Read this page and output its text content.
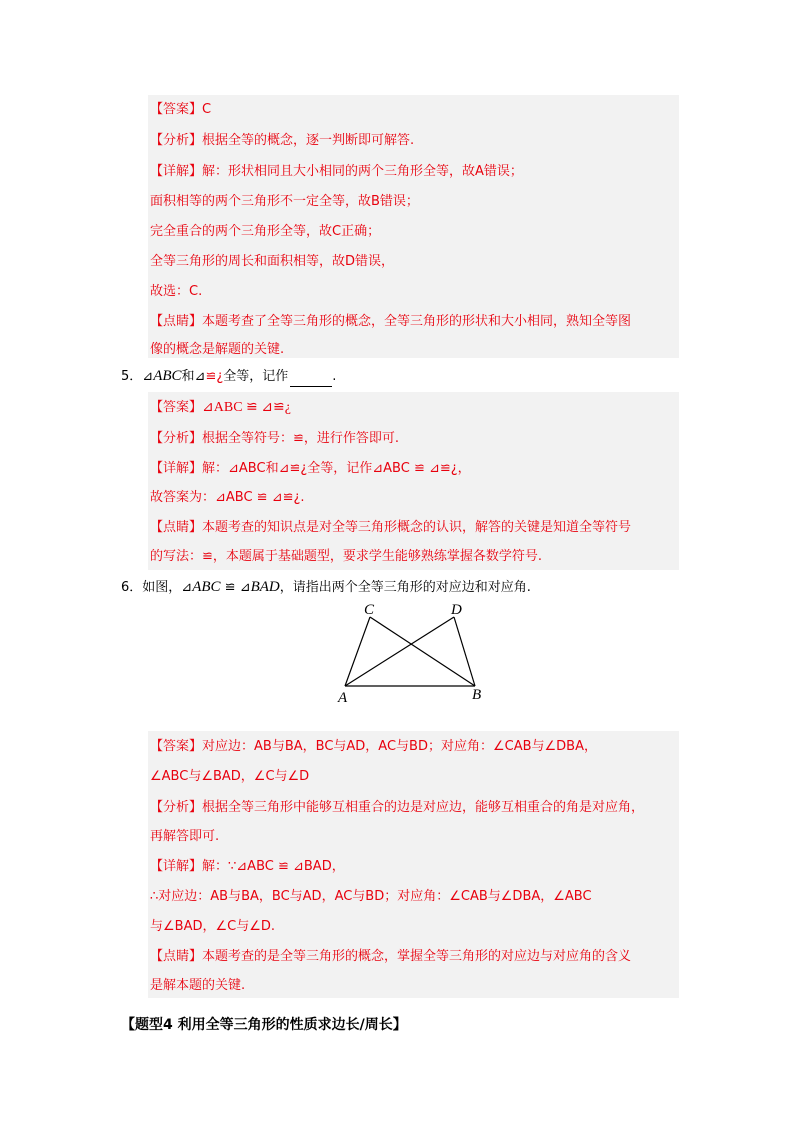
【答案】C
【分析】根据全等的概念，逐一判断即可解答.
【详解】解：形状相同且大小相同的两个三角形全等，故A错误；
面积相等的两个三角形不一定全等，故B错误；
完全重合的两个三角形全等，故C正确；
全等三角形的周长和面积相等，故D错误，
故选：C.
【点睛】本题考查了全等三角形的概念，全等三角形的形状和大小相同，熟知全等图
像的概念是解题的关键.
5．⊿ABC和⊿≌¿全等，记作	.
【答案】⊿ABC ≌ ⊿≌¿
【分析】根据全等符号：≌，进行作答即可.
【详解】解：⊿ABC和⊿≌¿全等，记作⊿ABC ≌ ⊿≌¿，
故答案为：⊿ABC ≌ ⊿≌¿.
【点睛】本题考查的知识点是对全等三角形概念的认识，解答的关键是知道全等符号
的写法：≌，本题属于基础题型，要求学生能够熟练掌握各数学符号.
6．如图，⊿ABC ≌ ⊿BAD，请指出两个全等三角形的对应边和对应角.
C	D
A	B
【答案】对应边：AB与BA，BC与AD，AC与BD；对应角：∠CAB与∠DBA，
∠ABC与∠BAD，∠C与∠D
【分析】根据全等三角形中能够互相重合的边是对应边，能够互相重合的角是对应角，
再解答即可.
【详解】解：∵⊿ABC ≌ ⊿BAD，
∴对应边：AB与BA，BC与AD，AC与BD；对应角：∠CAB与∠DBA，∠ABC
与∠BAD，∠C与∠D.
【点睛】本题考查的是全等三角形的概念，掌握全等三角形的对应边与对应角的含义
是解本题的关键.
【题型4 利用全等三角形的性质求边长/周长】
